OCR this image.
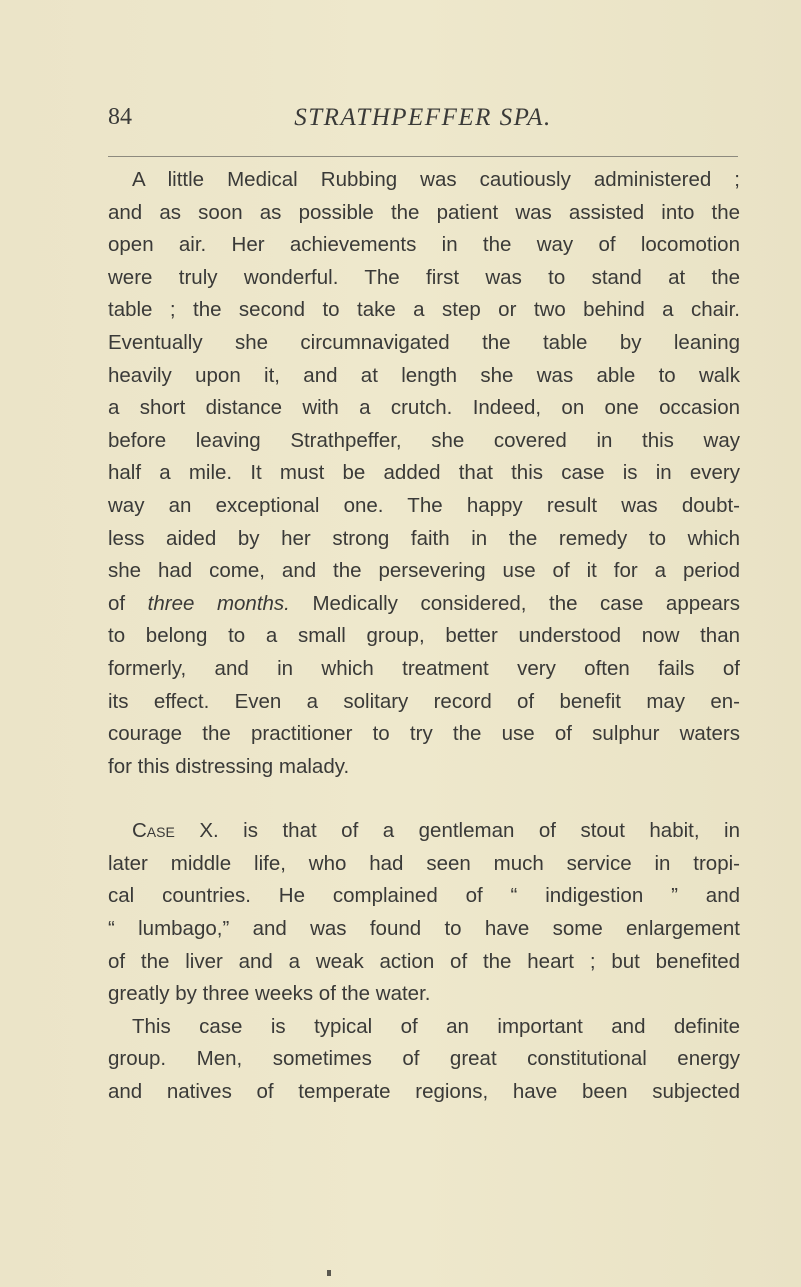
84	STRATHPEFFER SPA.
A little Medical Rubbing was cautiously administered ;
and as soon as possible the patient was assisted into the
open air. Her achievements in the way of locomotion
were truly wonderful. The first was to stand at the
table ; the second to take a step or two behind a chair.
Eventually she circumnavigated the table by leaning
heavily upon it, and at length she was able to walk
a short distance with a crutch. Indeed, on one occasion
before leaving Strathpeffer, she covered in this way
half a mile. It must be added that this case is in every
way an exceptional one. The happy result was doubt-
less aided by her strong faith in the remedy to which
she had come, and the persevering use of it for a period
of three months. Medically considered, the case appears
to belong to a small group, better understood now than
formerly, and in which treatment very often fails of
its effect. Even a solitary record of benefit may en-
courage the practitioner to try the use of sulphur waters
for this distressing malady.
Case X. is that of a gentleman of stout habit, in
later middle life, who had seen much service in tropi-
cal countries. He complained of “ indigestion ” and
“ lumbago,” and was found to have some enlargement
of the liver and a weak action of the heart ; but benefited
greatly by three weeks of the water.
This case is typical of an important and definite
group. Men, sometimes of great constitutional energy
and natives of temperate regions, have been subjected
